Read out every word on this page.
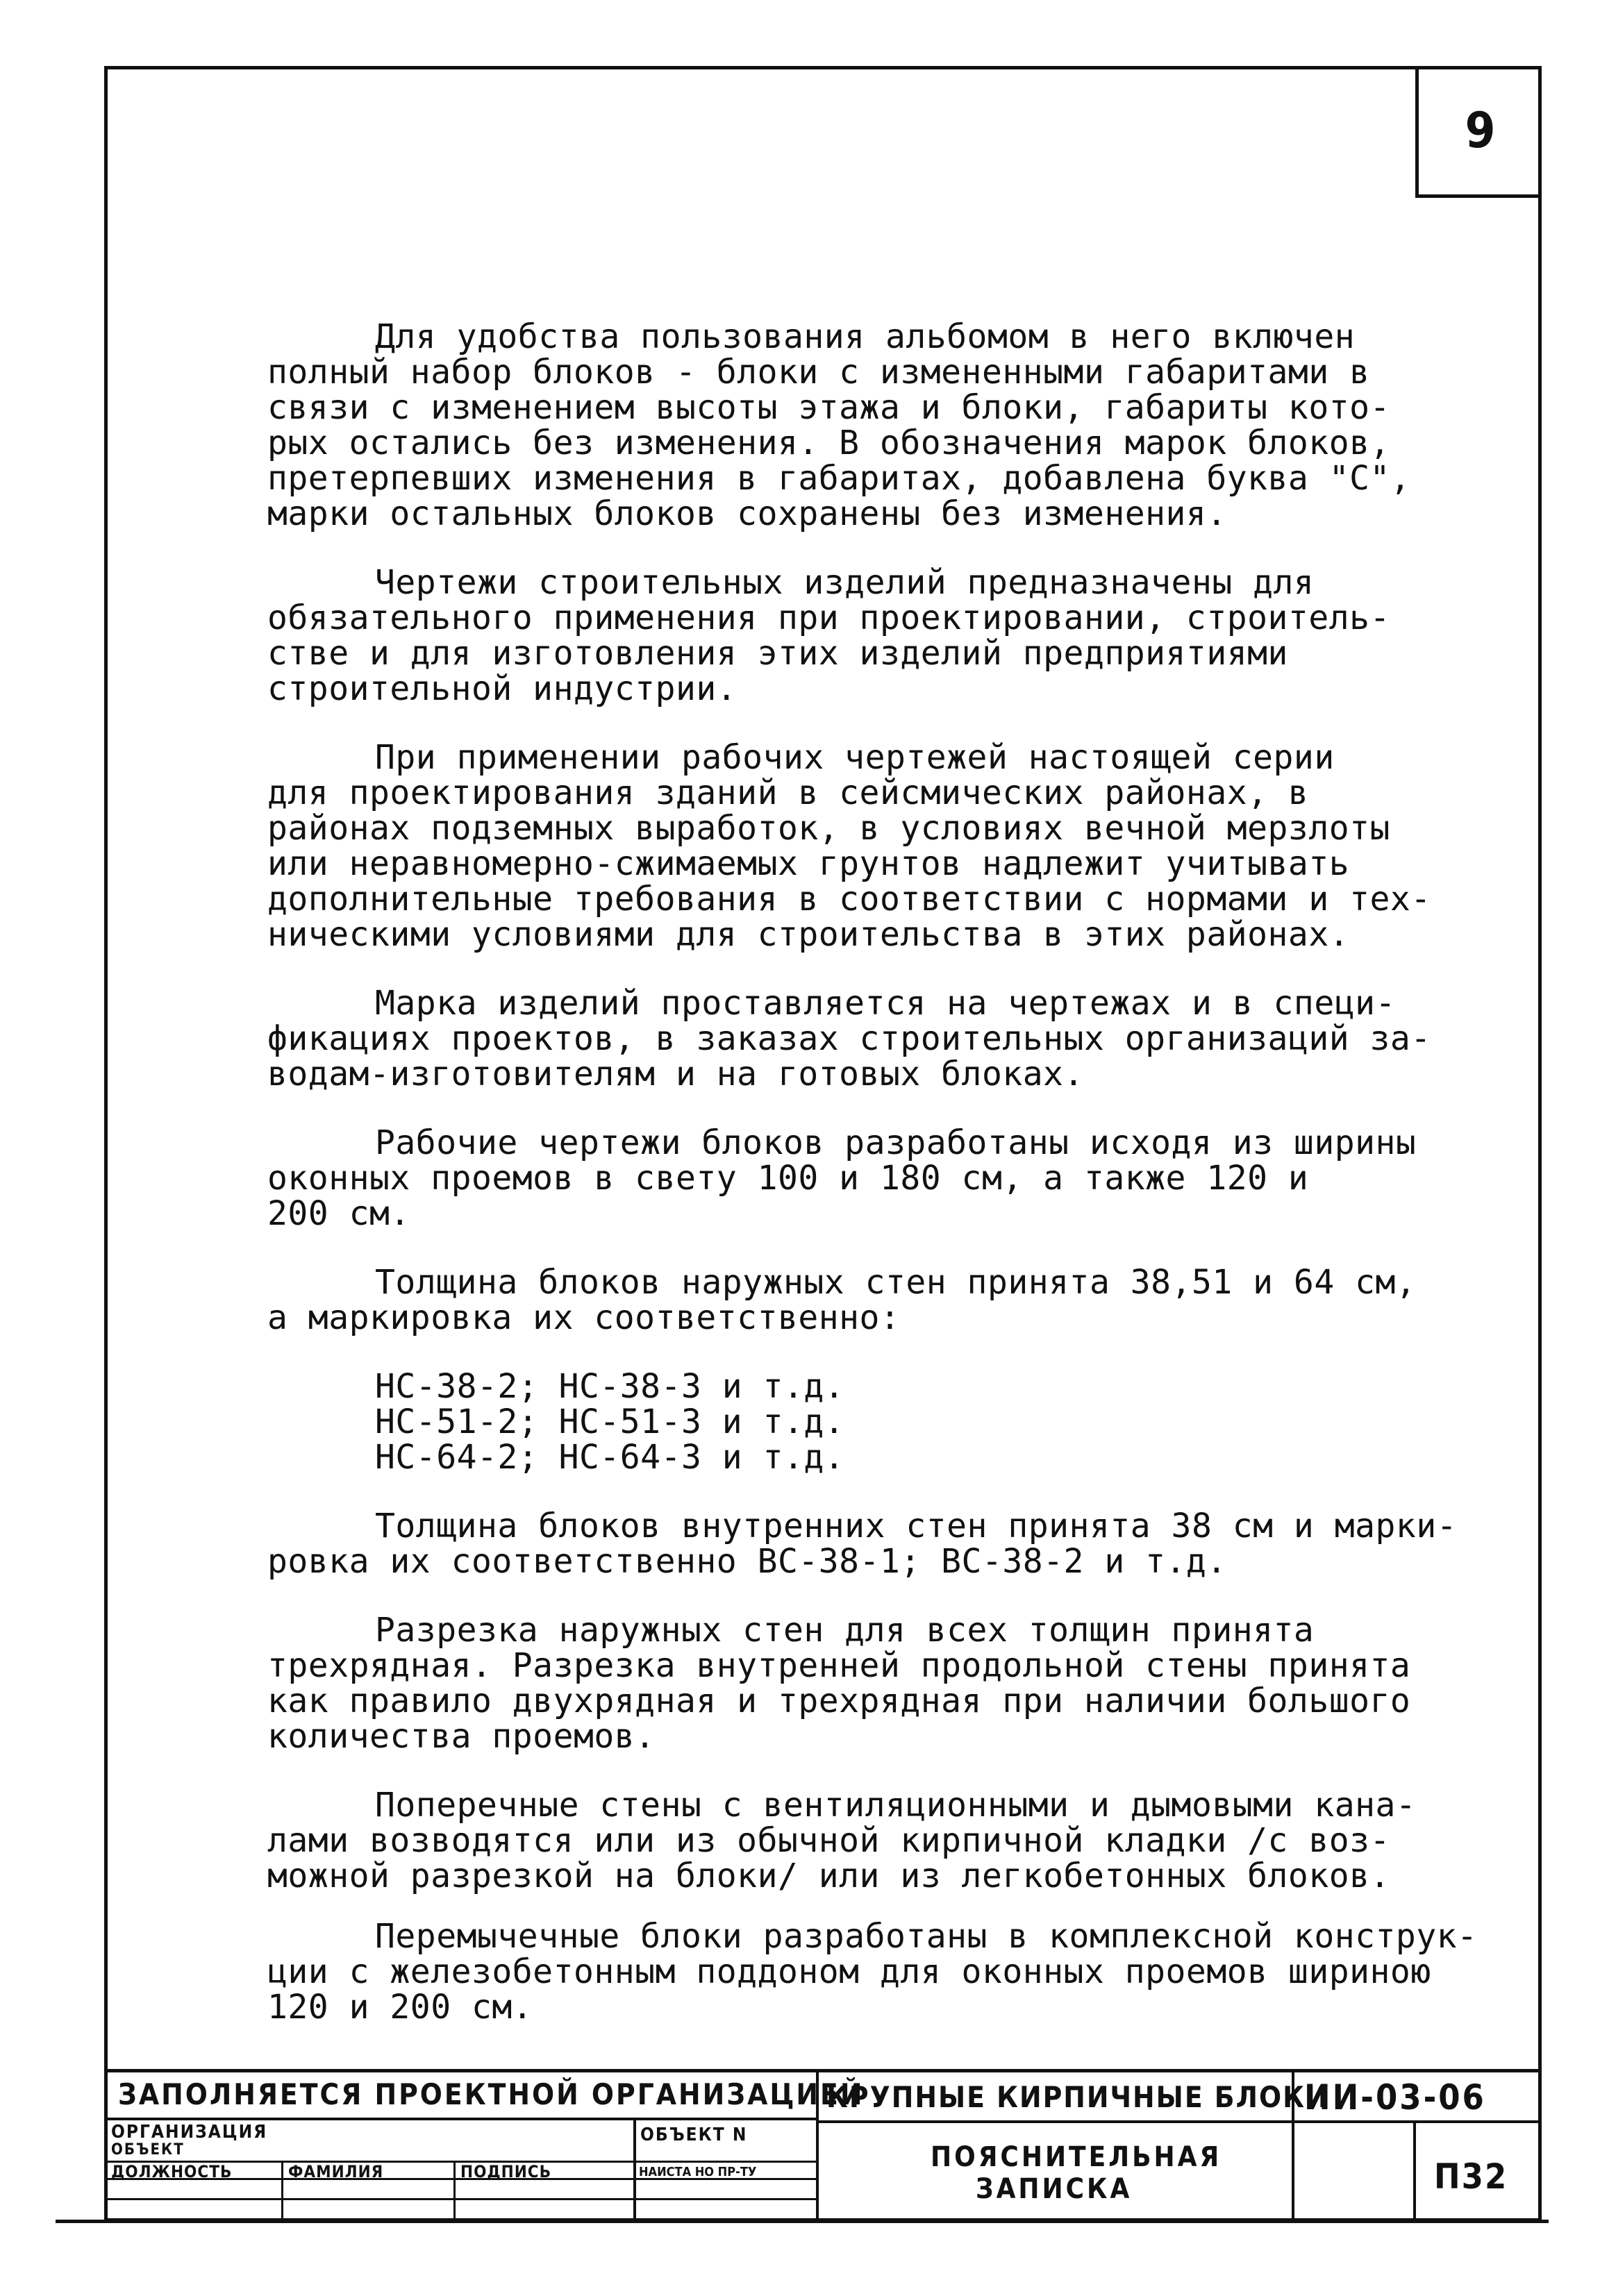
9

Для удобства пользования альбомом в него включен
полный набор блоков - блоки с измененными габаритами в
связи с изменением высоты этажа и блоки, габариты кото-
рых остались без изменения. В обозначения марок блоков,
претерпевших изменения в габаритах, добавлена буква "С",
марки остальных блоков сохранены без изменения.

Чертежи строительных изделий предназначены для
обязательного применения при проектировании, строитель-
стве и для изготовления этих изделий предприятиями
строительной индустрии.

При применении рабочих чертежей настоящей серии
для проектирования зданий в сейсмических районах, в
районах подземных выработок, в условиях вечной мерзлоты
или неравномерно-сжимаемых грунтов надлежит учитывать
дополнительные требования в соответствии с нормами и тех-
ническими условиями для строительства в этих районах.

Марка изделий проставляется на чертежах и в специ-
фикациях проектов, в заказах строительных организаций за-
водам-изготовителям и на готовых блоках.

Рабочие чертежи блоков разработаны исходя из ширины
оконных проемов в свету 100 и 180 см, а также 120 и
200 см.

Толщина блоков наружных стен принята 38,51 и 64 см,
а маркировка их соответственно:

НС-38-2; НС-38-3 и т.д.
НС-51-2; НС-51-3 и т.д.
НС-64-2; НС-64-3 и т.д.

Толщина блоков внутренних стен принята 38 см и марки-
ровка их соответственно ВС-38-1; ВС-38-2 и т.д.

Разрезка наружных стен для всех толщин принята
трехрядная. Разрезка внутренней продольной стены принята
как правило двухрядная и трехрядная при наличии большого
количества проемов.

Поперечные стены с вентиляционными и дымовыми кана-
лами возводятся или из обычной кирпичной кладки /с воз-
можной разрезкой на блоки/ или из легкобетонных блоков.

Перемычечные блоки разработаны в комплексной конструк-
ции с железобетонным поддоном для оконных проемов шириною
120 и 200 см.

ЗАПОЛНЯЕТСЯ ПРОЕКТНОЙ ОРГАНИЗАЦИЕЙ
ОРГАНИЗАЦИЯ
ОБЪЕКТ
ОБЪЕКТ N
ДОЛЖНОСТЬ	ФАМИЛИЯ	ПОДПИСЬ	НАИСТА НО ПР-ТУ
КРУПНЫЕ КИРПИЧНЫЕ БЛОКИ
ИИ-03-06
ПОЯСНИТЕЛЬНАЯ
ЗАПИСКА	П32
